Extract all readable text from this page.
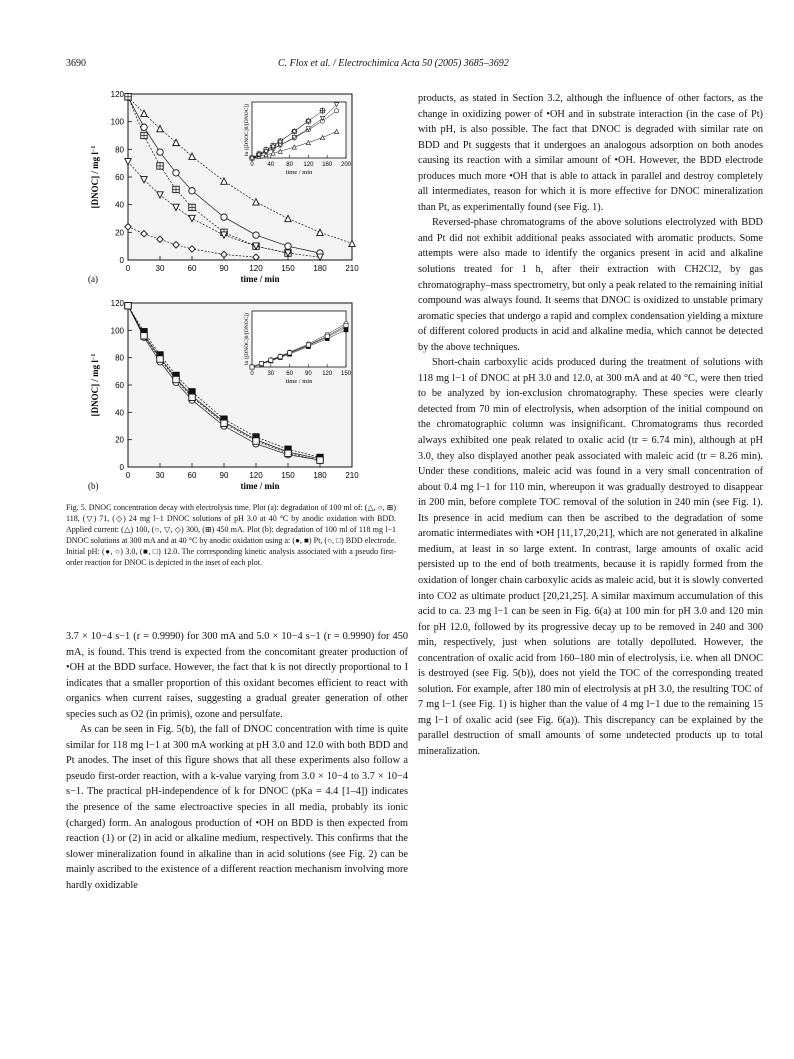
3690	C. Flox et al. / Electrochimica Acta 50 (2005) 3685–3692
0	30	60	90	120 150 180 210
0
20
40
60
80
100
120
time / min
[DNOC] / mg $l^{-1}$
(a)
0 40 80 120 160 200
time / min
ln ([DNOC]0/[DNOC])
0	30	60	90	120 150 180 210
0
20
40
60
80
100
120
time / min
[DNOC] / mg $l^{-1}$
(b)
0 30 60 90 120 150
time / min
ln ([DNOC]0/[DNOC])
Fig. 5. DNOC concentration decay with electrolysis time. Plot (a): degradation of 100 ml of: (△, ○, ⊞) 118, (▽) 71, (◇) 24 mg l−1 DNOC solutions of pH 3.0 at 40 °C by anodic oxidation with BDD. Applied current: (△) 100, (○, ▽, ◇) 300, (⊞) 450 mA. Plot (b): degradation of 100 ml of 118 mg l−1 DNOC solutions at 300 mA and at 40 °C by anodic oxidation using a: (●, ■) Pt, (○, □) BDD electrode. Initial pH: (●, ○) 3.0, (■, □) 12.0. The corresponding kinetic analysis associated with a pseudo first-order reaction for DNOC is depicted in the inset of each plot.

products, as stated in Section 3.2, although the influence of other factors, as the change in oxidizing power of •OH and in substrate interaction (in the case of Pt) with pH, is also possible. The fact that DNOC is degraded with similar rate on BDD and Pt suggests that it undergoes an analogous adsorption on both anodes causing its reaction with a similar amount of •OH. However, the BDD electrode produces much more •OH that is able to attack in parallel and destroy completely all intermediates, reason for which it is more effective for DNOC mineralization than Pt, as experimentally found (see Fig. 1).

Reversed-phase chromatograms of the above solutions electrolyzed with BDD and Pt did not exhibit additional peaks associated with aromatic products. Some attempts were also made to identify the organics present in acid and alkaline solutions treated for 1 h, after their extraction with CH2Cl2, by gas chromatography–mass spectrometry, but only a peak related to the remaining initial compound was always found. It seems that DNOC is oxidized to unstable primary aromatic species that undergo a rapid and complex condensation yielding a mixture of different colored products in acid and alkaline media, which cannot be detected by the above techniques.

Short-chain carboxylic acids produced during the treatment of solutions with 118 mg l−1 of DNOC at pH 3.0 and 12.0, at 300 mA and at 40 °C, were then tried to be analyzed by ion-exclusion chromatography. These species were clearly detected from 70 min of electrolysis, when adsorption of the initial compound on the chromatographic column was insignificant. Chromatograms thus recorded always exhibited one peak related to oxalic acid (tr = 6.74 min), although at pH 3.0, they also displayed another peak associated with maleic acid (tr = 8.26 min). Under these conditions, maleic acid was found in a very small concentration of about 0.4 mg l−1 for 110 min, whereupon it was gradually destroyed to disappear in 200 min, before complete TOC removal of the solution in 240 min (see Fig. 1). Its presence in acid medium can then be ascribed to the degradation of some aromatic intermediates with •OH [11,17,20,21], which are not generated in alkaline medium, at least in so large extent. In contrast, large amounts of oxalic acid persisted up to the end of both treatments, because it is rapidly formed from the oxidation of longer chain carboxylic acids as maleic acid, but it is slowly converted into CO2 as ultimate product [20,21,25]. A similar maximum accumulation of this acid to ca. 23 mg l−1 can be seen in Fig. 6(a) at 100 min for pH 3.0 and 120 min for pH 12.0, followed by its progressive decay up to be removed in 240 and 300 min, respectively, just when solutions are totally depolluted. However, the concentration of oxalic acid from 160–180 min of electrolysis, i.e. when all DNOC is destroyed (see Fig. 5(b)), does not yield the TOC of the corresponding treated solution. For example, after 180 min of electrolysis at pH 3.0, the resulting TOC of 7 mg l−1 (see Fig. 1) is higher than the value of 4 mg l−1 due to the remaining 15 mg l−1 of oxalic acid (see Fig. 6(a)). This discrepancy can be explained by the parallel destruction of small amounts of some undetected products up to total mineralization.

3.7 × 10−4 s−1 (r = 0.9990) for 300 mA and 5.0 × 10−4 s−1 (r = 0.9990) for 450 mA, is found. This trend is expected from the concomitant greater production of •OH at the BDD surface. However, the fact that k is not directly proportional to I indicates that a smaller proportion of this oxidant becomes efficient to react with organics when current raises, suggesting a gradual greater generation of other species such as O2 (in primis), ozone and persulfate.

As can be seen in Fig. 5(b), the fall of DNOC concentration with time is quite similar for 118 mg l−1 at 300 mA working at pH 3.0 and 12.0 with both BDD and Pt anodes. The inset of this figure shows that all these experiments also follow a pseudo first-order reaction, with a k-value varying from 3.0 × 10−4 to 3.7 × 10−4 s−1. The practical pH-independence of k for DNOC (pKa = 4.4 [1–4]) indicates the presence of the same electroactive species in all media, probably its ionic (charged) form. An analogous production of •OH on BDD is then expected from reaction (1) or (2) in acid or alkaline medium, respectively. This confirms that the slower mineralization found in alkaline than in acid solutions (see Fig. 2) can be mainly ascribed to the existence of a different reaction mechanism involving more hardly oxidizable
